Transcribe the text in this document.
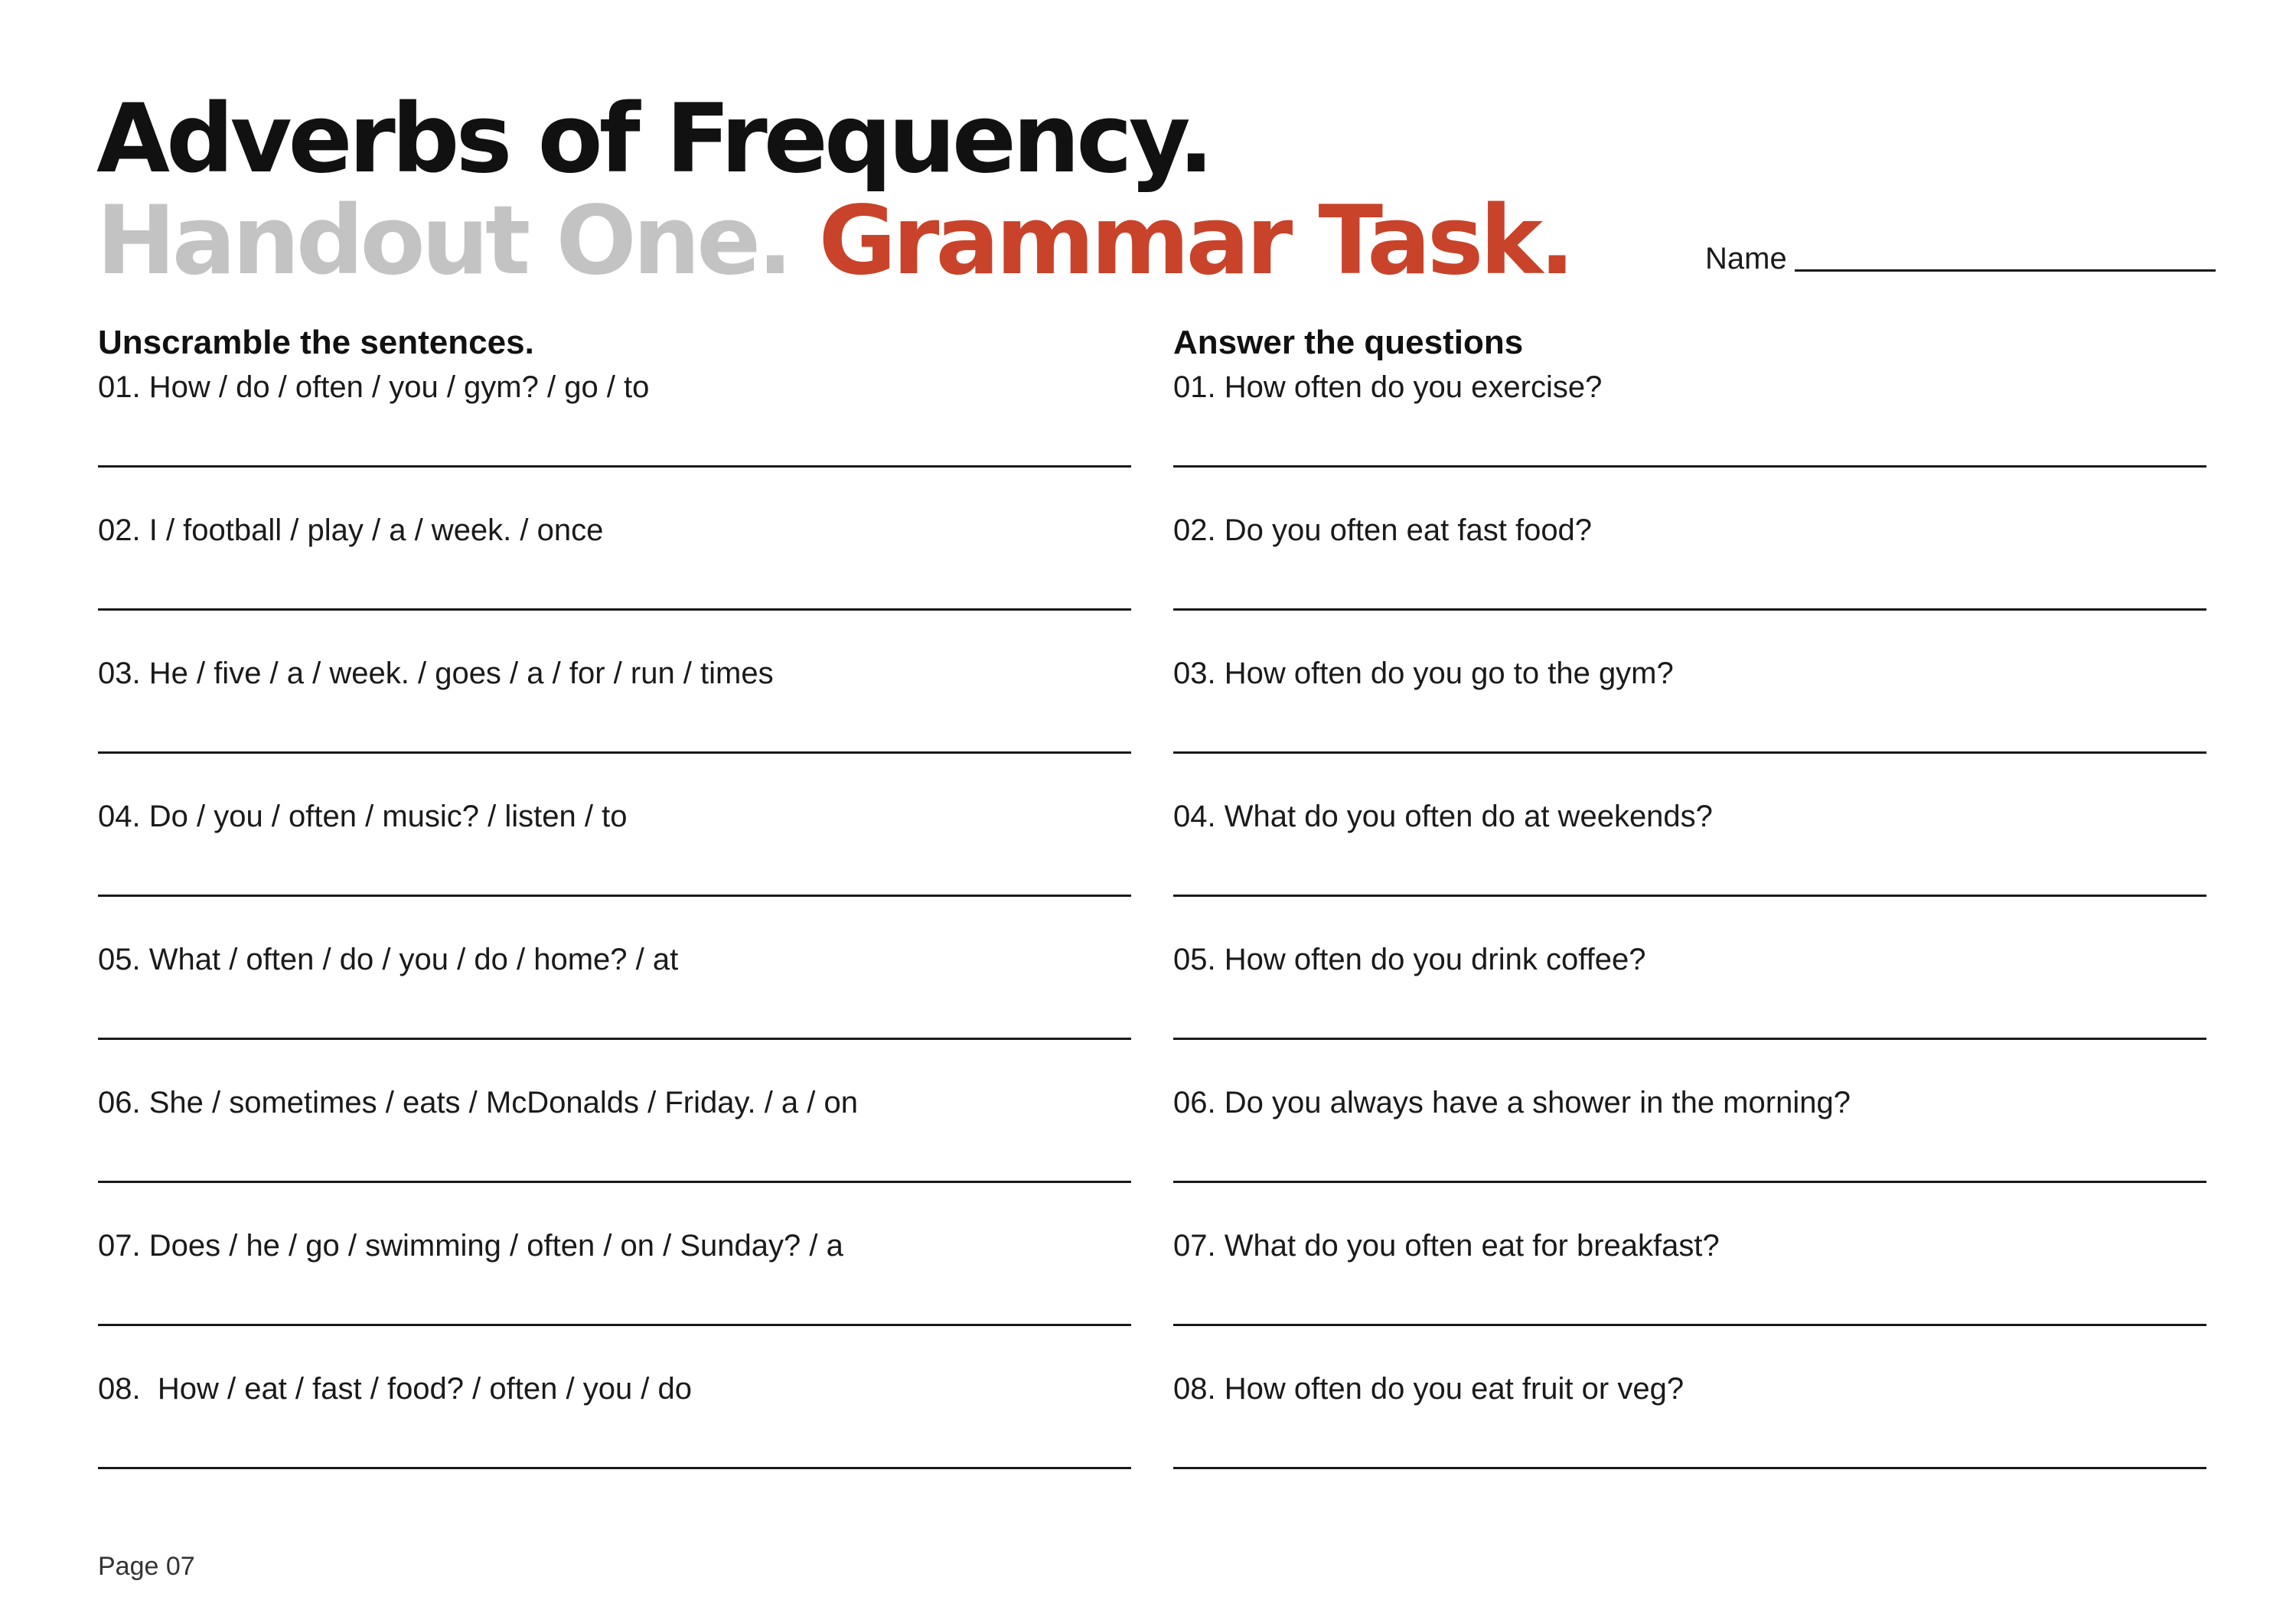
Adverbs of Frequency.
Handout One. Grammar Task.	Name
Unscramble the sentences.
01. How / do / often / you / gym? / go / to
02. I / football / play / a / week. / once
03. He / five / a / week. / goes / a / for / run / times
04. Do / you / often / music? / listen / to
05. What / often / do / you / do / home? / at
06. She / sometimes / eats / McDonalds / Friday. / a / on
07. Does / he / go / swimming / often / on / Sunday? / a
08.  How / eat / fast / food? / often / you / do
Answer the questions
01. How often do you exercise?
02. Do you often eat fast food?
03. How often do you go to the gym?
04. What do you often do at weekends?
05. How often do you drink coffee?
06. Do you always have a shower in the morning?
07. What do you often eat for breakfast?
08. How often do you eat fruit or veg?
Page 07
